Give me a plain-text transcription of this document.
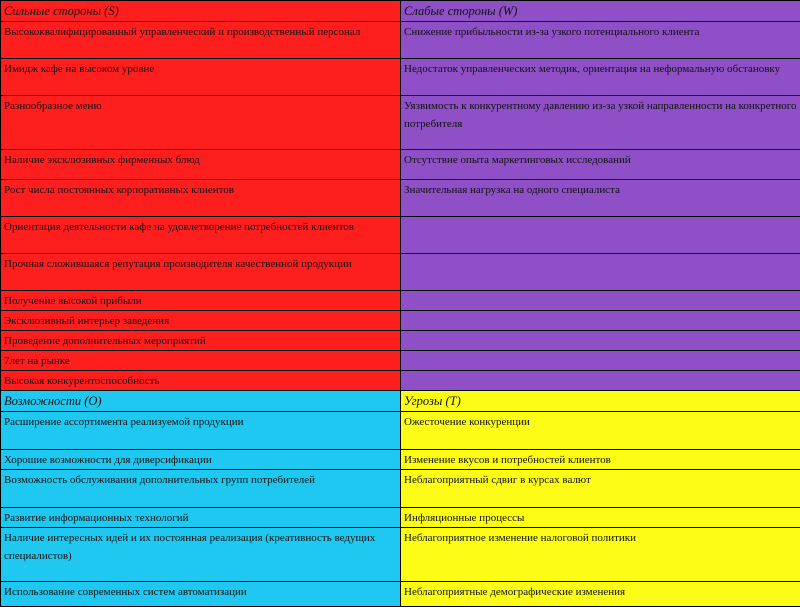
Сильные стороны (S)	Слабые стороны (W)
Высококвалифицированный управленческий и производственный персонал	Снижение прибыльности из-за узкого потенциального клиента
Имидж кафе на высоком уровне	Недостаток управленческих методик, ориентация на неформальную обстановку
Разнообразное меню	Уязвимость к конкурентному давлению из-за узкой направленности на конкретного потребителя
Наличие эксклюзивных фирменных блюд	Отсутствие опыта маркетинговых исследований
Рост числа постоянных корпоративных клиентов	Значительная нагрузка на одного специалиста
Ориентация деятельности кафе на удовлетворение потребностей клиентов	
Прочная сложившаяся репутация производителя качественной продукции	
Получение высокой прибыли	
Эксклюзивный интерьер заведения	
Проведение дополнительных мероприятий	
7лет на рынке	
Высокая конкурентоспособность	
Возможности (O)	Угрозы (T)
Расширение ассортимента реализуемой продукции	Ожесточение конкуренции
Хорошие возможности для диверсификации	Изменение вкусов и потребностей клиентов
Возможность обслуживания дополнительных групп потребителей	Неблагоприятный сдвиг в курсах валют
Развитие информационных технологий	Инфляционные процессы
Наличие интересных идей и их постоянная реализация (креативность ведущих специалистов)	Неблагоприятное изменение налоговой политики
Использование современных систем автоматизации	Неблагоприятные демографические изменения
